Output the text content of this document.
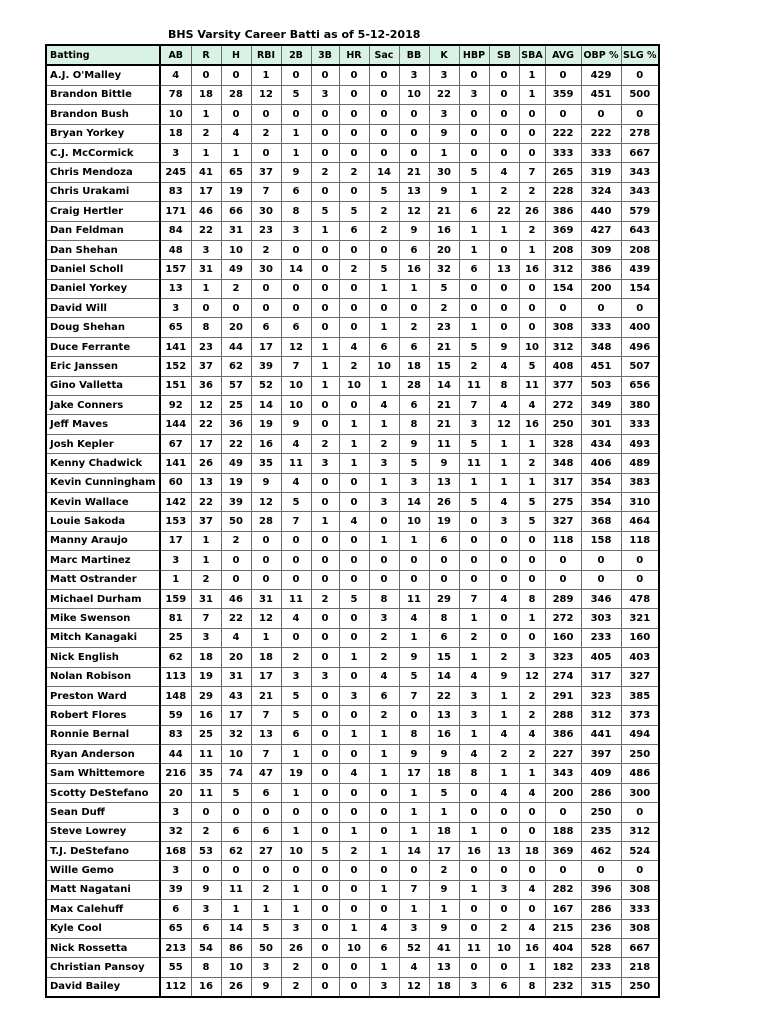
BHS Varsity Career Batti as of 5-12-2018
Batting	AB	R	H	RBI	2B	3B	HR	Sac	BB	K	HBP	SB	SBA	AVG	OBP %	SLG %
A.J. O'Malley	4	0	0	1	0	0	0	0	3	3	0	0	1	0	429	0
Brandon Bittle	78	18	28	12	5	3	0	0	10	22	3	0	1	359	451	500
Brandon Bush	10	1	0	0	0	0	0	0	0	3	0	0	0	0	0	0
Bryan Yorkey	18	2	4	2	1	0	0	0	0	9	0	0	0	222	222	278
C.J. McCormick	3	1	1	0	1	0	0	0	0	1	0	0	0	333	333	667
Chris Mendoza	245	41	65	37	9	2	2	14	21	30	5	4	7	265	319	343
Chris Urakami	83	17	19	7	6	0	0	5	13	9	1	2	2	228	324	343
Craig Hertler	171	46	66	30	8	5	5	2	12	21	6	22	26	386	440	579
Dan Feldman	84	22	31	23	3	1	6	2	9	16	1	1	2	369	427	643
Dan Shehan	48	3	10	2	0	0	0	0	6	20	1	0	1	208	309	208
Daniel Scholl	157	31	49	30	14	0	2	5	16	32	6	13	16	312	386	439
Daniel Yorkey	13	1	2	0	0	0	0	1	1	5	0	0	0	154	200	154
David Will	3	0	0	0	0	0	0	0	0	2	0	0	0	0	0	0
Doug Shehan	65	8	20	6	6	0	0	1	2	23	1	0	0	308	333	400
Duce Ferrante	141	23	44	17	12	1	4	6	6	21	5	9	10	312	348	496
Eric Janssen	152	37	62	39	7	1	2	10	18	15	2	4	5	408	451	507
Gino Valletta	151	36	57	52	10	1	10	1	28	14	11	8	11	377	503	656
Jake Conners	92	12	25	14	10	0	0	4	6	21	7	4	4	272	349	380
Jeff Maves	144	22	36	19	9	0	1	1	8	21	3	12	16	250	301	333
Josh Kepler	67	17	22	16	4	2	1	2	9	11	5	1	1	328	434	493
Kenny Chadwick	141	26	49	35	11	3	1	3	5	9	11	1	2	348	406	489
Kevin Cunningham	60	13	19	9	4	0	0	1	3	13	1	1	1	317	354	383
Kevin Wallace	142	22	39	12	5	0	0	3	14	26	5	4	5	275	354	310
Louie Sakoda	153	37	50	28	7	1	4	0	10	19	0	3	5	327	368	464
Manny Araujo	17	1	2	0	0	0	0	1	1	6	0	0	0	118	158	118
Marc Martinez	3	1	0	0	0	0	0	0	0	0	0	0	0	0	0	0
Matt Ostrander	1	2	0	0	0	0	0	0	0	0	0	0	0	0	0	0
Michael Durham	159	31	46	31	11	2	5	8	11	29	7	4	8	289	346	478
Mike Swenson	81	7	22	12	4	0	0	3	4	8	1	0	1	272	303	321
Mitch Kanagaki	25	3	4	1	0	0	0	2	1	6	2	0	0	160	233	160
Nick English	62	18	20	18	2	0	1	2	9	15	1	2	3	323	405	403
Nolan Robison	113	19	31	17	3	3	0	4	5	14	4	9	12	274	317	327
Preston Ward	148	29	43	21	5	0	3	6	7	22	3	1	2	291	323	385
Robert Flores	59	16	17	7	5	0	0	2	0	13	3	1	2	288	312	373
Ronnie Bernal	83	25	32	13	6	0	1	1	8	16	1	4	4	386	441	494
Ryan Anderson	44	11	10	7	1	0	0	1	9	9	4	2	2	227	397	250
Sam Whittemore	216	35	74	47	19	0	4	1	17	18	8	1	1	343	409	486
Scotty DeStefano	20	11	5	6	1	0	0	0	1	5	0	4	4	200	286	300
Sean Duff	3	0	0	0	0	0	0	0	1	1	0	0	0	0	250	0
Steve Lowrey	32	2	6	6	1	0	1	0	1	18	1	0	0	188	235	312
T.J. DeStefano	168	53	62	27	10	5	2	1	14	17	16	13	18	369	462	524
Wille Gemo	3	0	0	0	0	0	0	0	0	2	0	0	0	0	0	0
Matt Nagatani	39	9	11	2	1	0	0	1	7	9	1	3	4	282	396	308
Max Calehuff	6	3	1	1	1	0	0	0	1	1	0	0	0	167	286	333
Kyle Cool	65	6	14	5	3	0	1	4	3	9	0	2	4	215	236	308
Nick Rossetta	213	54	86	50	26	0	10	6	52	41	11	10	16	404	528	667
Christian Pansoy	55	8	10	3	2	0	0	1	4	13	0	0	1	182	233	218
David Bailey	112	16	26	9	2	0	0	3	12	18	3	6	8	232	315	250
